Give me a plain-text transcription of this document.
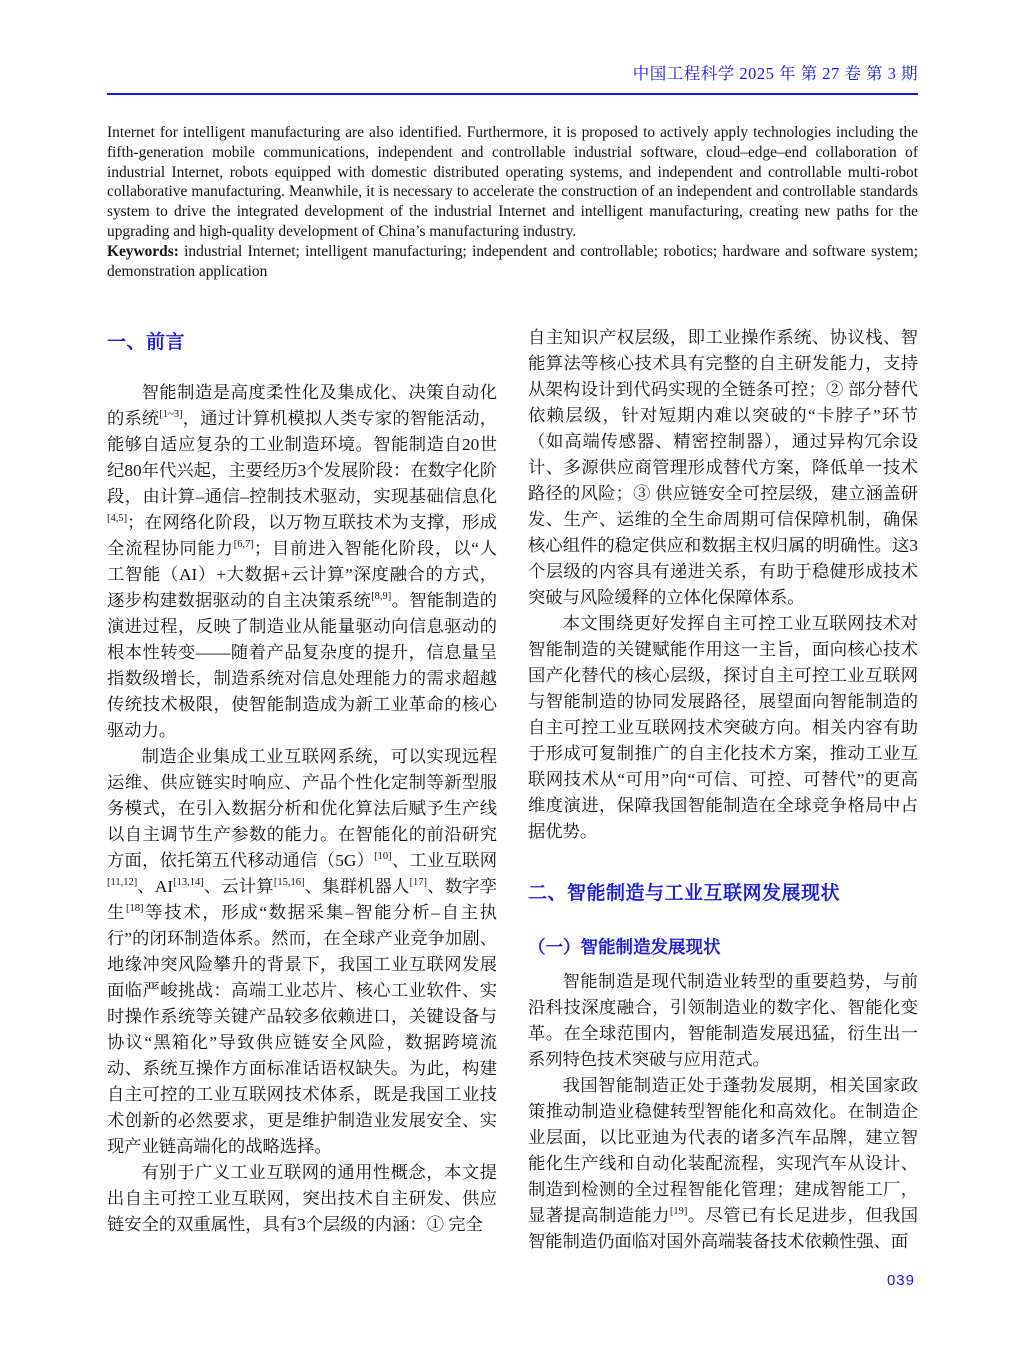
中国工程科学 2025 年 第 27 卷 第 3 期

Internet for intelligent manufacturing are also identified. Furthermore, it is proposed to actively apply technologies including the fifth-generation mobile communications, independent and controllable industrial software, cloud–edge–end collaboration of industrial Internet, robots equipped with domestic distributed operating systems, and independent and controllable multi-robot collaborative manufacturing. Meanwhile, it is necessary to accelerate the construction of an independent and controllable standards system to drive the integrated development of the industrial Internet and intelligent manufacturing, creating new paths for the upgrading and high-quality development of China’s manufacturing industry.

Keywords: industrial Internet; intelligent manufacturing; independent and controllable; robotics; hardware and software system; demonstration application

一、前言

智能制造是高度柔性化及集成化、决策自动化的系统[1~3]，通过计算机模拟人类专家的智能活动，能够自适应复杂的工业制造环境。智能制造自20世纪80年代兴起，主要经历3个发展阶段：在数字化阶段，由计算–通信–控制技术驱动，实现基础信息化[4,5]；在网络化阶段，以万物互联技术为支撑，形成全流程协同能力[6,7]；目前进入智能化阶段，以“人工智能（AI）+大数据+云计算”深度融合的方式，逐步构建数据驱动的自主决策系统[8,9]。智能制造的演进过程，反映了制造业从能量驱动向信息驱动的根本性转变——随着产品复杂度的提升，信息量呈指数级增长，制造系统对信息处理能力的需求超越传统技术极限，使智能制造成为新工业革命的核心驱动力。

制造企业集成工业互联网系统，可以实现远程运维、供应链实时响应、产品个性化定制等新型服务模式，在引入数据分析和优化算法后赋予生产线以自主调节生产参数的能力。在智能化的前沿研究方面，依托第五代移动通信（5G）[10]、工业互联网[11,12]、AI[13,14]、云计算[15,16]、集群机器人[17]、数字孪生[18]等技术，形成“数据采集–智能分析–自主执行”的闭环制造体系。然而，在全球产业竞争加剧、地缘冲突风险攀升的背景下，我国工业互联网发展面临严峻挑战：高端工业芯片、核心工业软件、实时操作系统等关键产品较多依赖进口，关键设备与协议“黑箱化”导致供应链安全风险，数据跨境流动、系统互操作方面标准话语权缺失。为此，构建自主可控的工业互联网技术体系，既是我国工业技术创新的必然要求，更是维护制造业发展安全、实现产业链高端化的战略选择。

有别于广义工业互联网的通用性概念，本文提出自主可控工业互联网，突出技术自主研发、供应链安全的双重属性，具有3个层级的内涵：① 完全

自主知识产权层级，即工业操作系统、协议栈、智能算法等核心技术具有完整的自主研发能力，支持从架构设计到代码实现的全链条可控；② 部分替代依赖层级，针对短期内难以突破的“卡脖子”环节（如高端传感器、精密控制器），通过异构冗余设计、多源供应商管理形成替代方案，降低单一技术路径的风险；③ 供应链安全可控层级，建立涵盖研发、生产、运维的全生命周期可信保障机制，确保核心组件的稳定供应和数据主权归属的明确性。这3个层级的内容具有递进关系，有助于稳健形成技术突破与风险缓释的立体化保障体系。

本文围绕更好发挥自主可控工业互联网技术对智能制造的关键赋能作用这一主旨，面向核心技术国产化替代的核心层级，探讨自主可控工业互联网与智能制造的协同发展路径，展望面向智能制造的自主可控工业互联网技术突破方向。相关内容有助于形成可复制推广的自主化技术方案，推动工业互联网技术从“可用”向“可信、可控、可替代”的更高维度演进，保障我国智能制造在全球竞争格局中占据优势。

二、智能制造与工业互联网发展现状
（一）智能制造发展现状

智能制造是现代制造业转型的重要趋势，与前沿科技深度融合，引领制造业的数字化、智能化变革。在全球范围内，智能制造发展迅猛，衍生出一系列特色技术突破与应用范式。

我国智能制造正处于蓬勃发展期，相关国家政策推动制造业稳健转型智能化和高效化。在制造企业层面，以比亚迪为代表的诸多汽车品牌，建立智能化生产线和自动化装配流程，实现汽车从设计、制造到检测的全过程智能化管理；建成智能工厂，显著提高制造能力[19]。尽管已有长足进步，但我国智能制造仍面临对国外高端装备技术依赖性强、面

039
